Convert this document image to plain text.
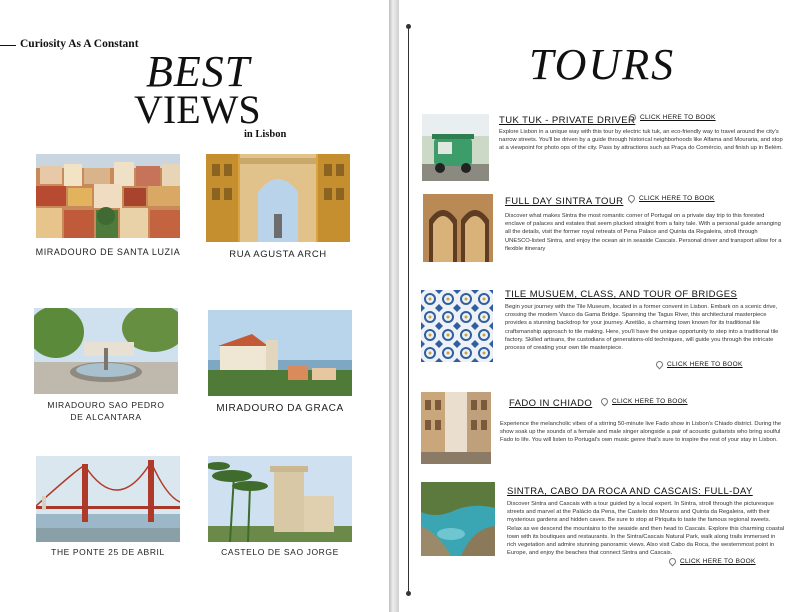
Curiosity As A Constant
BEST
VIEWS
in Lisbon
MIRADOURO DE SANTA LUZIA	RUA AGUSTA ARCH
MIRADOURO SAO PEDRO
DE ALCANTARA
MIRADOURO DA GRACA
THE PONTE 25 DE ABRIL	CASTELO DE SAO JORGE
TOURS
TUK TUK - PRIVATE DRIVER CLICK HERE TO BOOK
Explore Lisbon in a unique way with this tour by electric tuk tuk, an eco-friendly way to travel around the city's narrow streets. You'll be driven by a guide through historical neighborhoods like Alfama and Mouraria, and stop at a viewpoint for photo ops of the city. Pass by attractions such as Praça do Comércio, and finish up in Belém.
FULL DAY SINTRA TOUR CLICK HERE TO BOOK
Discover what makes Sintra the most romantic corner of Portugal on a private day trip to this forested enclave of palaces and estates that seem plucked straight from a fairy tale. With a personal guide arranging all the details, visit the former royal retreats of Pena Palace and Quinta da Regaleira, stroll through UNESCO-listed Sintra, and enjoy the ocean air in seaside Cascais. Personal driver and transport allow for a flexible itinerary
TILE MUSUEM, CLASS, AND TOUR OF BRIDGES
Begin your journey with the Tile Museum, located in a former convent in Lisbon. Embark on a scenic drive, crossing the modern Vasco da Gama Bridge. Spanning the Tagus River, this architectural masterpiece provides a stunning backdrop for your journey. Azeitão, a charming town known for its traditional tile craftsmanship approach to tile making. Here, you'll have the unique opportunity to step into a traditional tile factory. Skilled artisans, the custodians of generations-old techniques, will guide you through the intricate process of creating your own tile masterpiece.
CLICK HERE TO BOOK
FADO IN CHIADO	CLICK HERE TO BOOK
Experience the melancholic vibes of a stirring 50-minute live Fado show in Lisbon's Chiado district. During the show soak up the sounds of a female and male singer alongside a pair of acoustic guitarists who bring soulful Fado to life. You will listen to Portugal's own music genre that's sure to inspire the rest of your stay in Lisbon.
SINTRA, CABO DA ROCA AND CASCAIS: FULL-DAY
Discover Sintra and Cascais with a tour guided by a local expert. In Sintra, stroll through the picturesque streets and marvel at the Palácio da Pena, the Castelo dos Mouros and Quinta da Regaleira, with their mysterious gardens and hidden caves. Be sure to stop at Piriquita to taste the famous regional sweets. Relax as we descend the mountains to the seaside and then head to Cascais. Explore this charming coastal town with its boutiques and restaurants. In the Sintra/Cascais Natural Park, walk along trails immersed in rich vegetation and admire stunning panoramic views. Also visit Cabo da Roca, the westernmost point in Europe, and enjoy the beaches that connect Sintra and Cascais.
CLICK HERE TO BOOK
